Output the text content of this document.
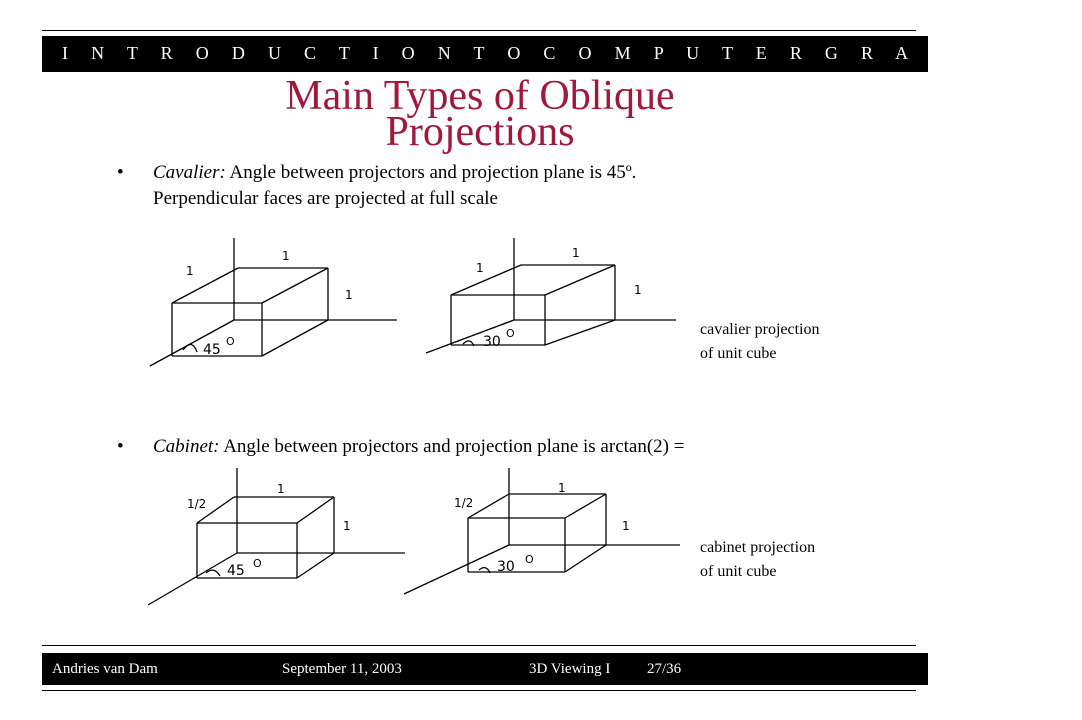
I N T R O D U C T I O N T O C O M P U T E R G R A P H I C S
Main Types of Oblique
Projections
• Cavalier: Angle between projectors and projection plane is 45º.
Perpendicular faces are projected at full scale
• Cabinet: Angle between projectors and projection plane is arctan(2) =
1
1
1
45
O
1
1
1
30
O
1/2
1
1
45 O
1/2
1
1
30 O
cavalier projection
of unit cube
cabinet projection
of unit cube
Andries van Dam	September 11, 2003	3D Viewing I 27/36
